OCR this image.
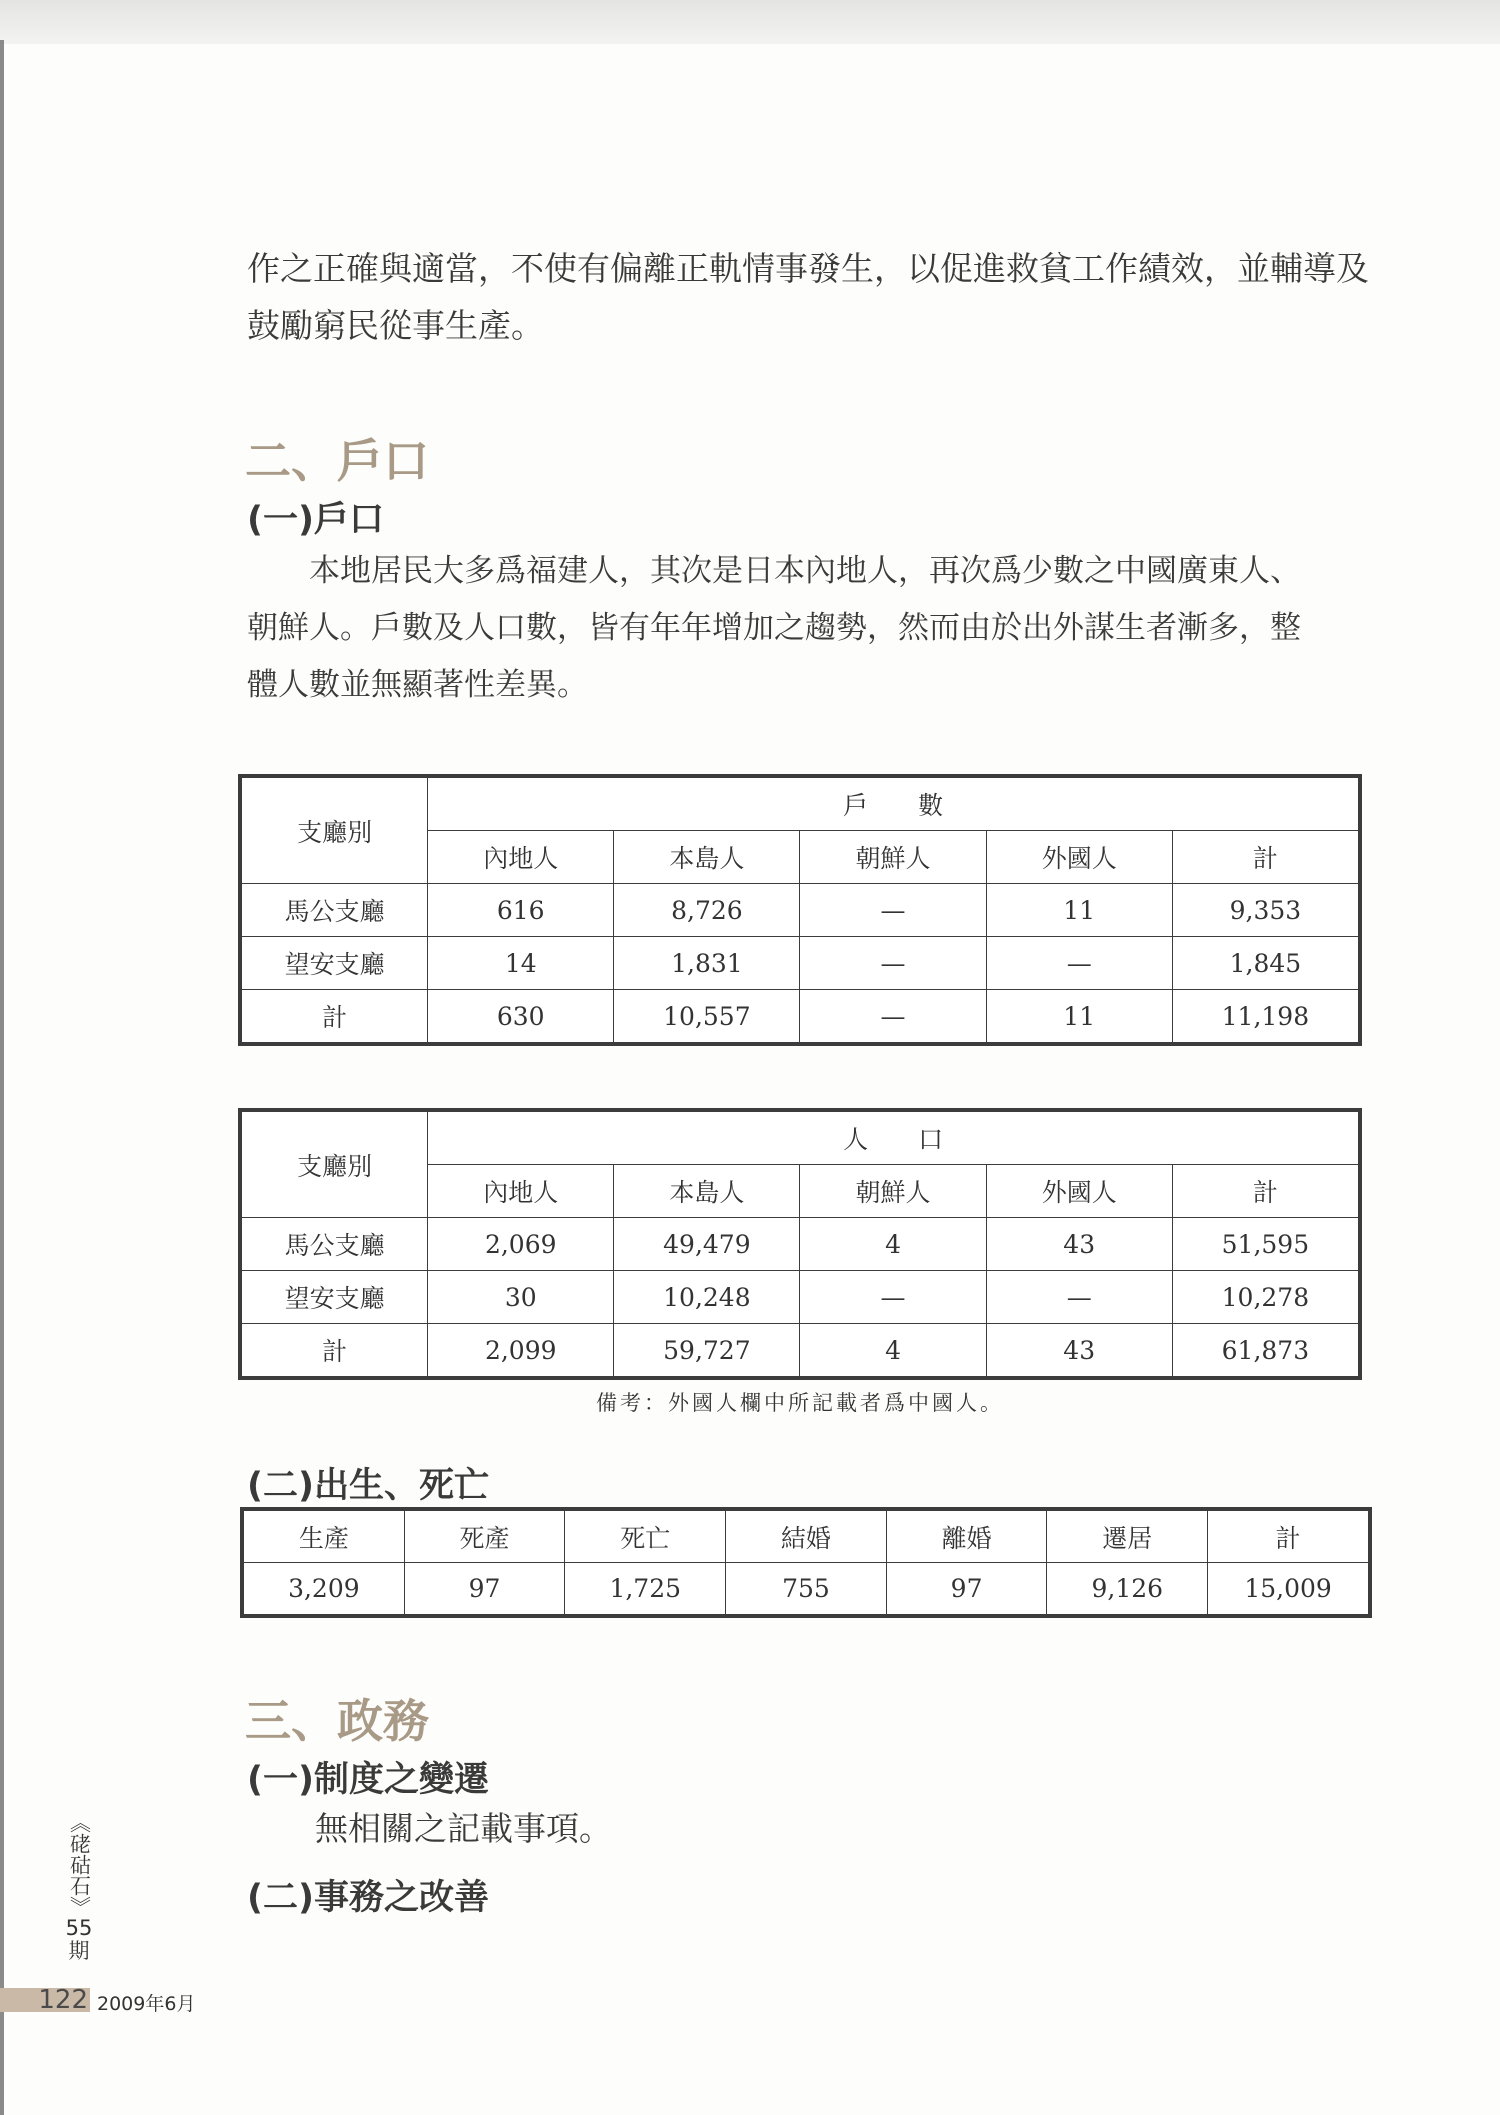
作之正確與適當，不使有偏離正軌情事發生，以促進救貧工作績效，並輔導及
鼓勵窮民從事生產。
二、戶口
(一)戶口
　　本地居民大多爲福建人，其次是日本內地人，再次爲少數之中國廣東人、
朝鮮人。戶數及人口數，皆有年年增加之趨勢，然而由於出外謀生者漸多，整
體人數並無顯著性差異。
支廳別	戶　　數				
	內地人	本島人	朝鮮人	外國人	計
馬公支廳	616	8,726	—	11	9,353
望安支廳	14	1,831	—	—	1,845
計	630	10,557	—	11	11,198
支廳別	人　　口				
	內地人	本島人	朝鮮人	外國人	計
馬公支廳	2,069	49,479	4	43	51,595
望安支廳	30	10,248	—	—	10,278
計	2,099	59,727	4	43	61,873
備考：外國人欄中所記載者爲中國人。
(二)出生、死亡
生產	死產	死亡	結婚	離婚	遷居	計
3,209	97	1,725	755	97	9,126	15,009
三、政務
(一)制度之變遷
無相關之記載事項。
(二)事務之改善
《硓𥑮石》
55期
122 2009年6月
